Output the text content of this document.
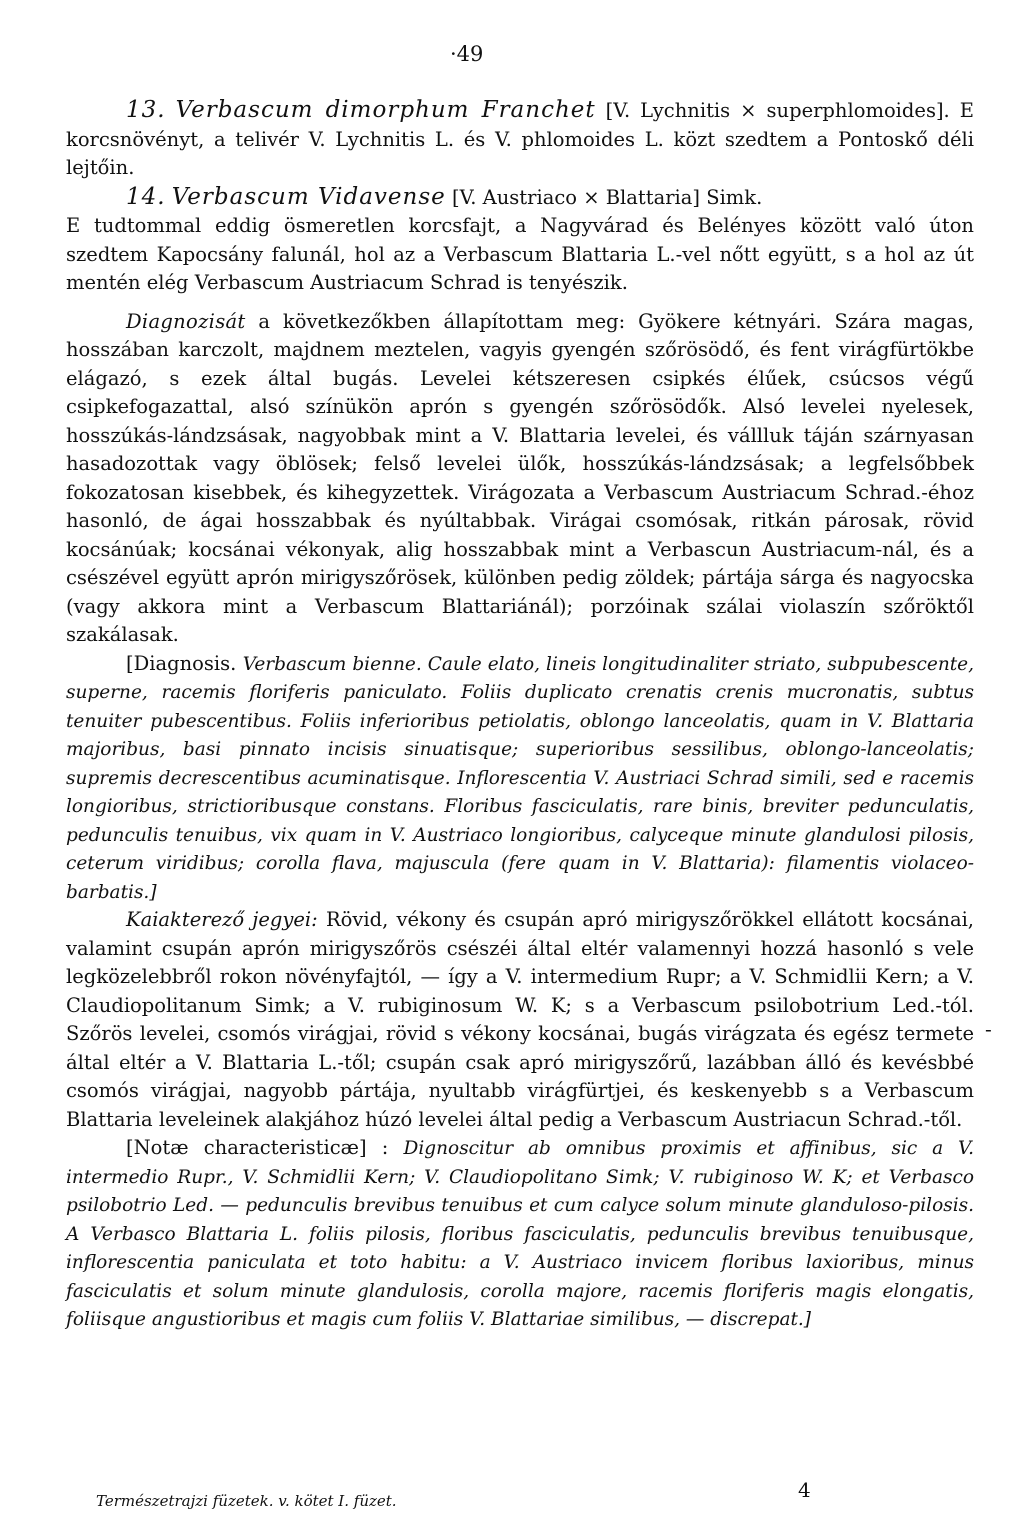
·49

13. Verbascum dimorphum Franchet [V. Lychnitis × superphlomoides]. E korcsnövényt, a telivér V. Lychnitis L. és V. phlomoides L. közt szedtem a Pontoskő déli lejtőin.

14. Verbascum Vidavense [V. Austriaco × Blattaria] Simk.

E tudtommal eddig ösmeretlen korcsfajt, a Nagyvárad és Belényes között való úton szedtem Kapocsány falunál, hol az a Verbascum Blattaria L.-vel nőtt együtt, s a hol az út mentén elég Verbascum Austriacum Schrad is tenyészik.

Diagnozisát a következőkben állapítottam meg: Gyökere kétnyári. Szára magas, hosszában karczolt, majdnem meztelen, vagyis gyengén szőrösödő, és fent virágfürtökbe elágazó, s ezek által bugás. Levelei kétszeresen csipkés élűek, csúcsos végű csipkefogazattal, alsó színükön aprón s gyengén szőrösödők. Alsó levelei nyelesek, hosszúkás-lándzsásak, nagyobbak mint a V. Blattaria levelei, és vállluk táján szárnyasan hasadozottak vagy öblösek; felső levelei ülők, hosszúkás-lándzsásak; a legfelsőbbek fokozatosan kisebbek, és kihegyzettek. Virágozata a Verbascum Austriacum Schrad.-éhoz hasonló, de ágai hosszabbak és nyúltabbak. Virágai csomósak, ritkán párosak, rövid kocsánúak; kocsánai vékonyak, alig hosszabbak mint a Verbascun Austriacum-nál, és a csészével együtt aprón mirigyszőrösek, különben pedig zöldek; pártája sárga és nagyocska (vagy akkora mint a Verbascum Blattariánál); porzóinak szálai violaszín szőröktől szakálasak.

[Diagnosis. Verbascum bienne. Caule elato, lineis longitudinaliter striato, subpubescente, superne, racemis floriferis paniculato. Foliis duplicato crenatis crenis mucronatis, subtus tenuiter pubescentibus. Foliis inferioribus petiolatis, oblongo lanceolatis, quam in V. Blattaria majoribus, basi pinnato incisis sinuatisque; superioribus sessilibus, oblongo-lanceolatis; supremis decrescentibus acuminatisque. Inflorescentia V. Austriaci Schrad simili, sed e racemis longioribus, strictioribusque constans. Floribus fasciculatis, rare binis, breviter pedunculatis, pedunculis tenuibus, vix quam in V. Austriaco longioribus, calyceque minute glandulosi pilosis, ceterum viridibus; corolla flava, majuscula (fere quam in V. Blattaria): filamentis violaceo-barbatis.]

Kaiakterező jegyei: Rövid, vékony és csupán apró mirigyszőrökkel ellátott kocsánai, valamint csupán aprón mirigyszőrös csészéi által eltér valamennyi hozzá hasonló s vele legközelebbről rokon növényfajtól, — így a V. intermedium Rupr; a V. Schmidlii Kern; a V. Claudiopolitanum Simk; a V. rubiginosum W. K; s a Verbascum psilobotrium Led.-tól. Szőrös levelei, csomós virágjai, rövid s vékony kocsánai, bugás virágzata és egész termete által eltér a V. Blattaria L.-től; csupán csak apró mirigyszőrű, lazábban álló és kevésbbé csomós virágjai, nagyobb pártája, nyultabb virágfürtjei, és keskenyebb s a Verbascum Blattaria leveleinek alakjához húzó levelei által pedig a Verbascum Austriacun Schrad.-től.

[Notæ characteristicæ] : Dignoscitur ab omnibus proximis et affinibus, sic a V. intermedio Rupr., V. Schmidlii Kern; V. Claudiopolitano Simk; V. rubiginoso W. K; et Verbasco psilobotrio Led. — pedunculis brevibus tenuibus et cum calyce solum minute glanduloso-pilosis. A Verbasco Blattaria L. foliis pilosis, floribus fasciculatis, pedunculis brevibus tenuibusque, inflorescentia paniculata et toto habitu: a V. Austriaco invicem floribus laxioribus, minus fasciculatis et solum minute glandulosis, corolla majore, racemis floriferis magis elongatis, foliisque angustioribus et magis cum foliis V. Blattariae similibus, — discrepat.]

-
Természetrajzi füzetek. v. kötet I. füzet.	4
